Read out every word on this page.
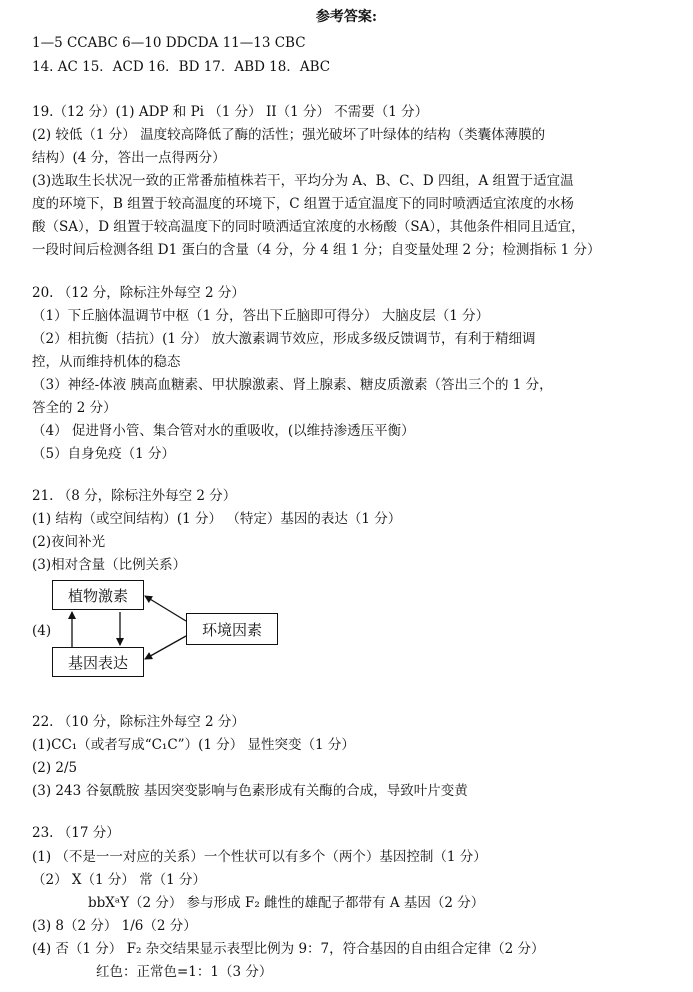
参考答案:
1—5 CCABC 6—10 DDCDA 11—13 CBC
14. AC 15．ACD 16．BD 17．ABD 18．ABC
19.（12 分）(1) ADP 和 Pi （1 分） II（1 分） 不需要（1 分）
(2) 较低（1 分） 温度较高降低了酶的活性；强光破坏了叶绿体的结构（类囊体薄膜的
结构）(4 分，答出一点得两分）
(3)选取生长状况一致的正常番茄植株若干，平均分为 A、B、C、D 四组，A 组置于适宜温
度的环境下，B 组置于较高温度的环境下，C 组置于适宜温度下的同时喷洒适宜浓度的水杨
酸（SA），D 组置于较高温度下的同时喷洒适宜浓度的水杨酸（SA），其他条件相同且适宜，
一段时间后检测各组 D1 蛋白的含量（4 分，分 4 组 1 分；自变量处理 2 分；检测指标 1 分）
20. （12 分，除标注外每空 2 分）
（1）下丘脑体温调节中枢（1 分，答出下丘脑即可得分） 大脑皮层（1 分）
（2）相抗衡（拮抗）(1 分） 放大激素调节效应，形成多级反馈调节，有利于精细调
控，从而维持机体的稳态
（3）神经-体液 胰高血糖素、甲状腺激素、肾上腺素、糖皮质激素（答出三个的 1 分，
答全的 2 分）
（4） 促进肾小管、集合管对水的重吸收，(以维持渗透压平衡）
（5）自身免疫（1 分）
21. （8 分，除标注外每空 2 分）
(1) 结构（或空间结构）(1 分） （特定）基因的表达（1 分）
(2)夜间补光
(3)相对含量（比例关系）
(4)
植物激素
基因表达
环境因素
22. （10 分，除标注外每空 2 分）
(1)CC₁（或者写成“C₁C”）(1 分） 显性突变（1 分）
(2) 2/5
(3) 243 谷氨酰胺 基因突变影响与色素形成有关酶的合成，导致叶片变黄
23. （17 分）
(1) （不是一一对应的关系）一个性状可以有多个（两个）基因控制（1 分）
（2） X（1 分） 常（1 分）
bbXᵃY（2 分） 参与形成 F₂ 雌性的雄配子都带有 A 基因（2 分）
(3) 8（2 分） 1/6（2 分）
(4) 否（1 分） F₂ 杂交结果显示表型比例为 9：7，符合基因的自由组合定律（2 分）
红色：正常色=1：1（3 分）
